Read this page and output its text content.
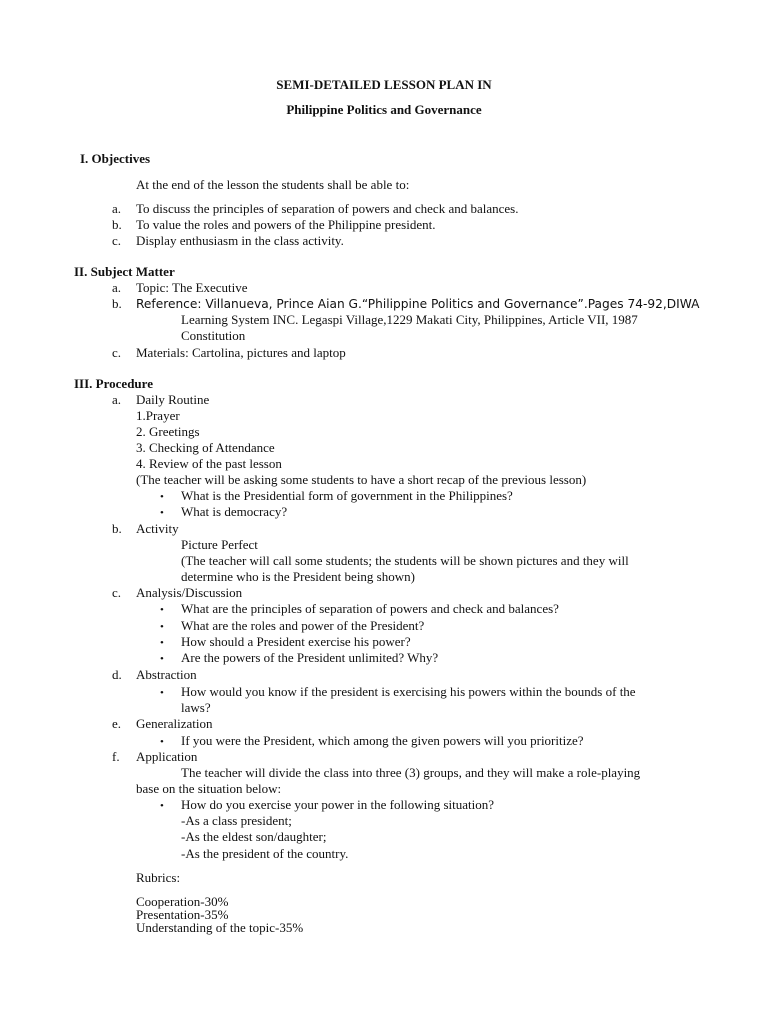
SEMI-DETAILED LESSON PLAN IN
Philippine Politics and Governance
I. Objectives
At the end of the lesson the students shall be able to:
a. To discuss the principles of separation of powers and check and balances.
b. To value the roles and powers of the Philippine president.
c. Display enthusiasm in the class activity.
II. Subject Matter
a. Topic: The Executive
b. Reference: Villanueva, Prince Aian G.“Philippine Politics and Governance”.Pages 74-92,DIWA
Learning System INC. Legaspi Village,1229 Makati City, Philippines, Article VII, 1987
Constitution
c. Materials: Cartolina, pictures and laptop
III. Procedure
a. Daily Routine
1.Prayer
2. Greetings
3. Checking of Attendance
4. Review of the past lesson
(The teacher will be asking some students to have a short recap of the previous lesson)
• What is the Presidential form of government in the Philippines?
• What is democracy?
b. Activity
Picture Perfect
(The teacher will call some students; the students will be shown pictures and they will
determine who is the President being shown)
c. Analysis/Discussion
• What are the principles of separation of powers and check and balances?
• What are the roles and power of the President?
• How should a President exercise his power?
• Are the powers of the President unlimited? Why?
d. Abstraction
• How would you know if the president is exercising his powers within the bounds of the
laws?
e. Generalization
• If you were the President, which among the given powers will you prioritize?
f. Application
The teacher will divide the class into three (3) groups, and they will make a role-playing
base on the situation below:
• How do you exercise your power in the following situation?
-As a class president;
-As the eldest son/daughter;
-As the president of the country.
Rubrics:
Cooperation-30%
Presentation-35%
Understanding of the topic-35%
